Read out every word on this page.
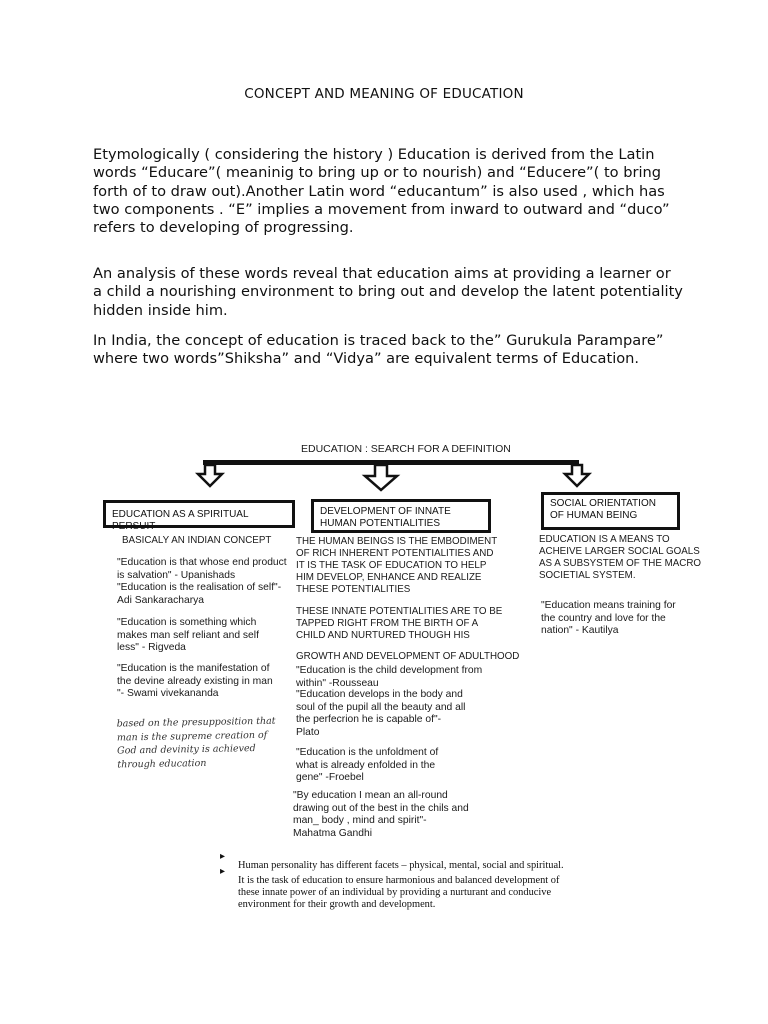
CONCEPT AND MEANING OF EDUCATION

Etymologically ( considering the history ) Education is derived from the Latin words “Educare”( meaninig to bring up or to nourish) and “Educere”( to bring forth of to draw out).Another Latin word “educantum” is also used , which has two components . “E” implies a movement from inward to outward and “duco” refers to developing of progressing.

An analysis of these words reveal that education aims at providing a learner or a child a nourishing environment to bring out and develop the latent potentiality hidden inside him.

In India, the concept of education is traced back to the” Gurukula Parampare” where two words”Shiksha” and “Vidya” are equivalent terms of Education.

EDUCATION : SEARCH FOR A DEFINITION
EDUCATION AS A SPIRITUAL PERSUIT
BASICALY AN INDIAN CONCEPT

"Education is that whose end product is salvation" - Upanishads "Education is the realisation of self"- Adi Sankaracharya

"Education is something which makes man self reliant and self less" - Rigveda

"Education is the manifestation of the devine already existing in man "- Swami vivekananda

based on the presupposition that man is the supreme creation of God and devinity is achieved through education
DEVELOPMENT OF INNATE HUMAN POTENTIALITIES

THE HUMAN BEINGS IS THE EMBODIMENT OF RICH INHERENT POTENTIALITIES AND IT IS THE TASK OF EDUCATION TO HELP HIM DEVELOP, ENHANCE AND REALIZE THESE POTENTIALITIES

THESE INNATE POTENTIALITIES ARE TO BE TAPPED RIGHT FROM THE BIRTH OF A CHILD AND NURTURED THOUGH HIS

GROWTH AND DEVELOPMENT OF ADULTHOOD

"Education is the child development from within" -Rousseau

"Education develops in the body and soul of the pupil all the beauty and all the perfecrion he is capable of"- Plato

"Education is the unfoldment of what is already enfolded in the gene" -Froebel

"By education I mean an all-round drawing out of the best in the chils and man_ body , mind and spirit"- Mahatma Gandhi

SOCIAL ORIENTATION OF HUMAN BEING

EDUCATION IS A MEANS TO ACHEIVE LARGER SOCIAL GOALS AS A SUBSYSTEM OF THE MACRO SOCIETIAL SYSTEM.

"Education means training for the country and love for the nation" - Kautilya

▸

Human personality has different facets – physical, mental, social and spiritual.

▸

It is the task of education to ensure harmonious and balanced development of these innate power of an individual by providing a nurturant and conducive environment for their growth and development.
